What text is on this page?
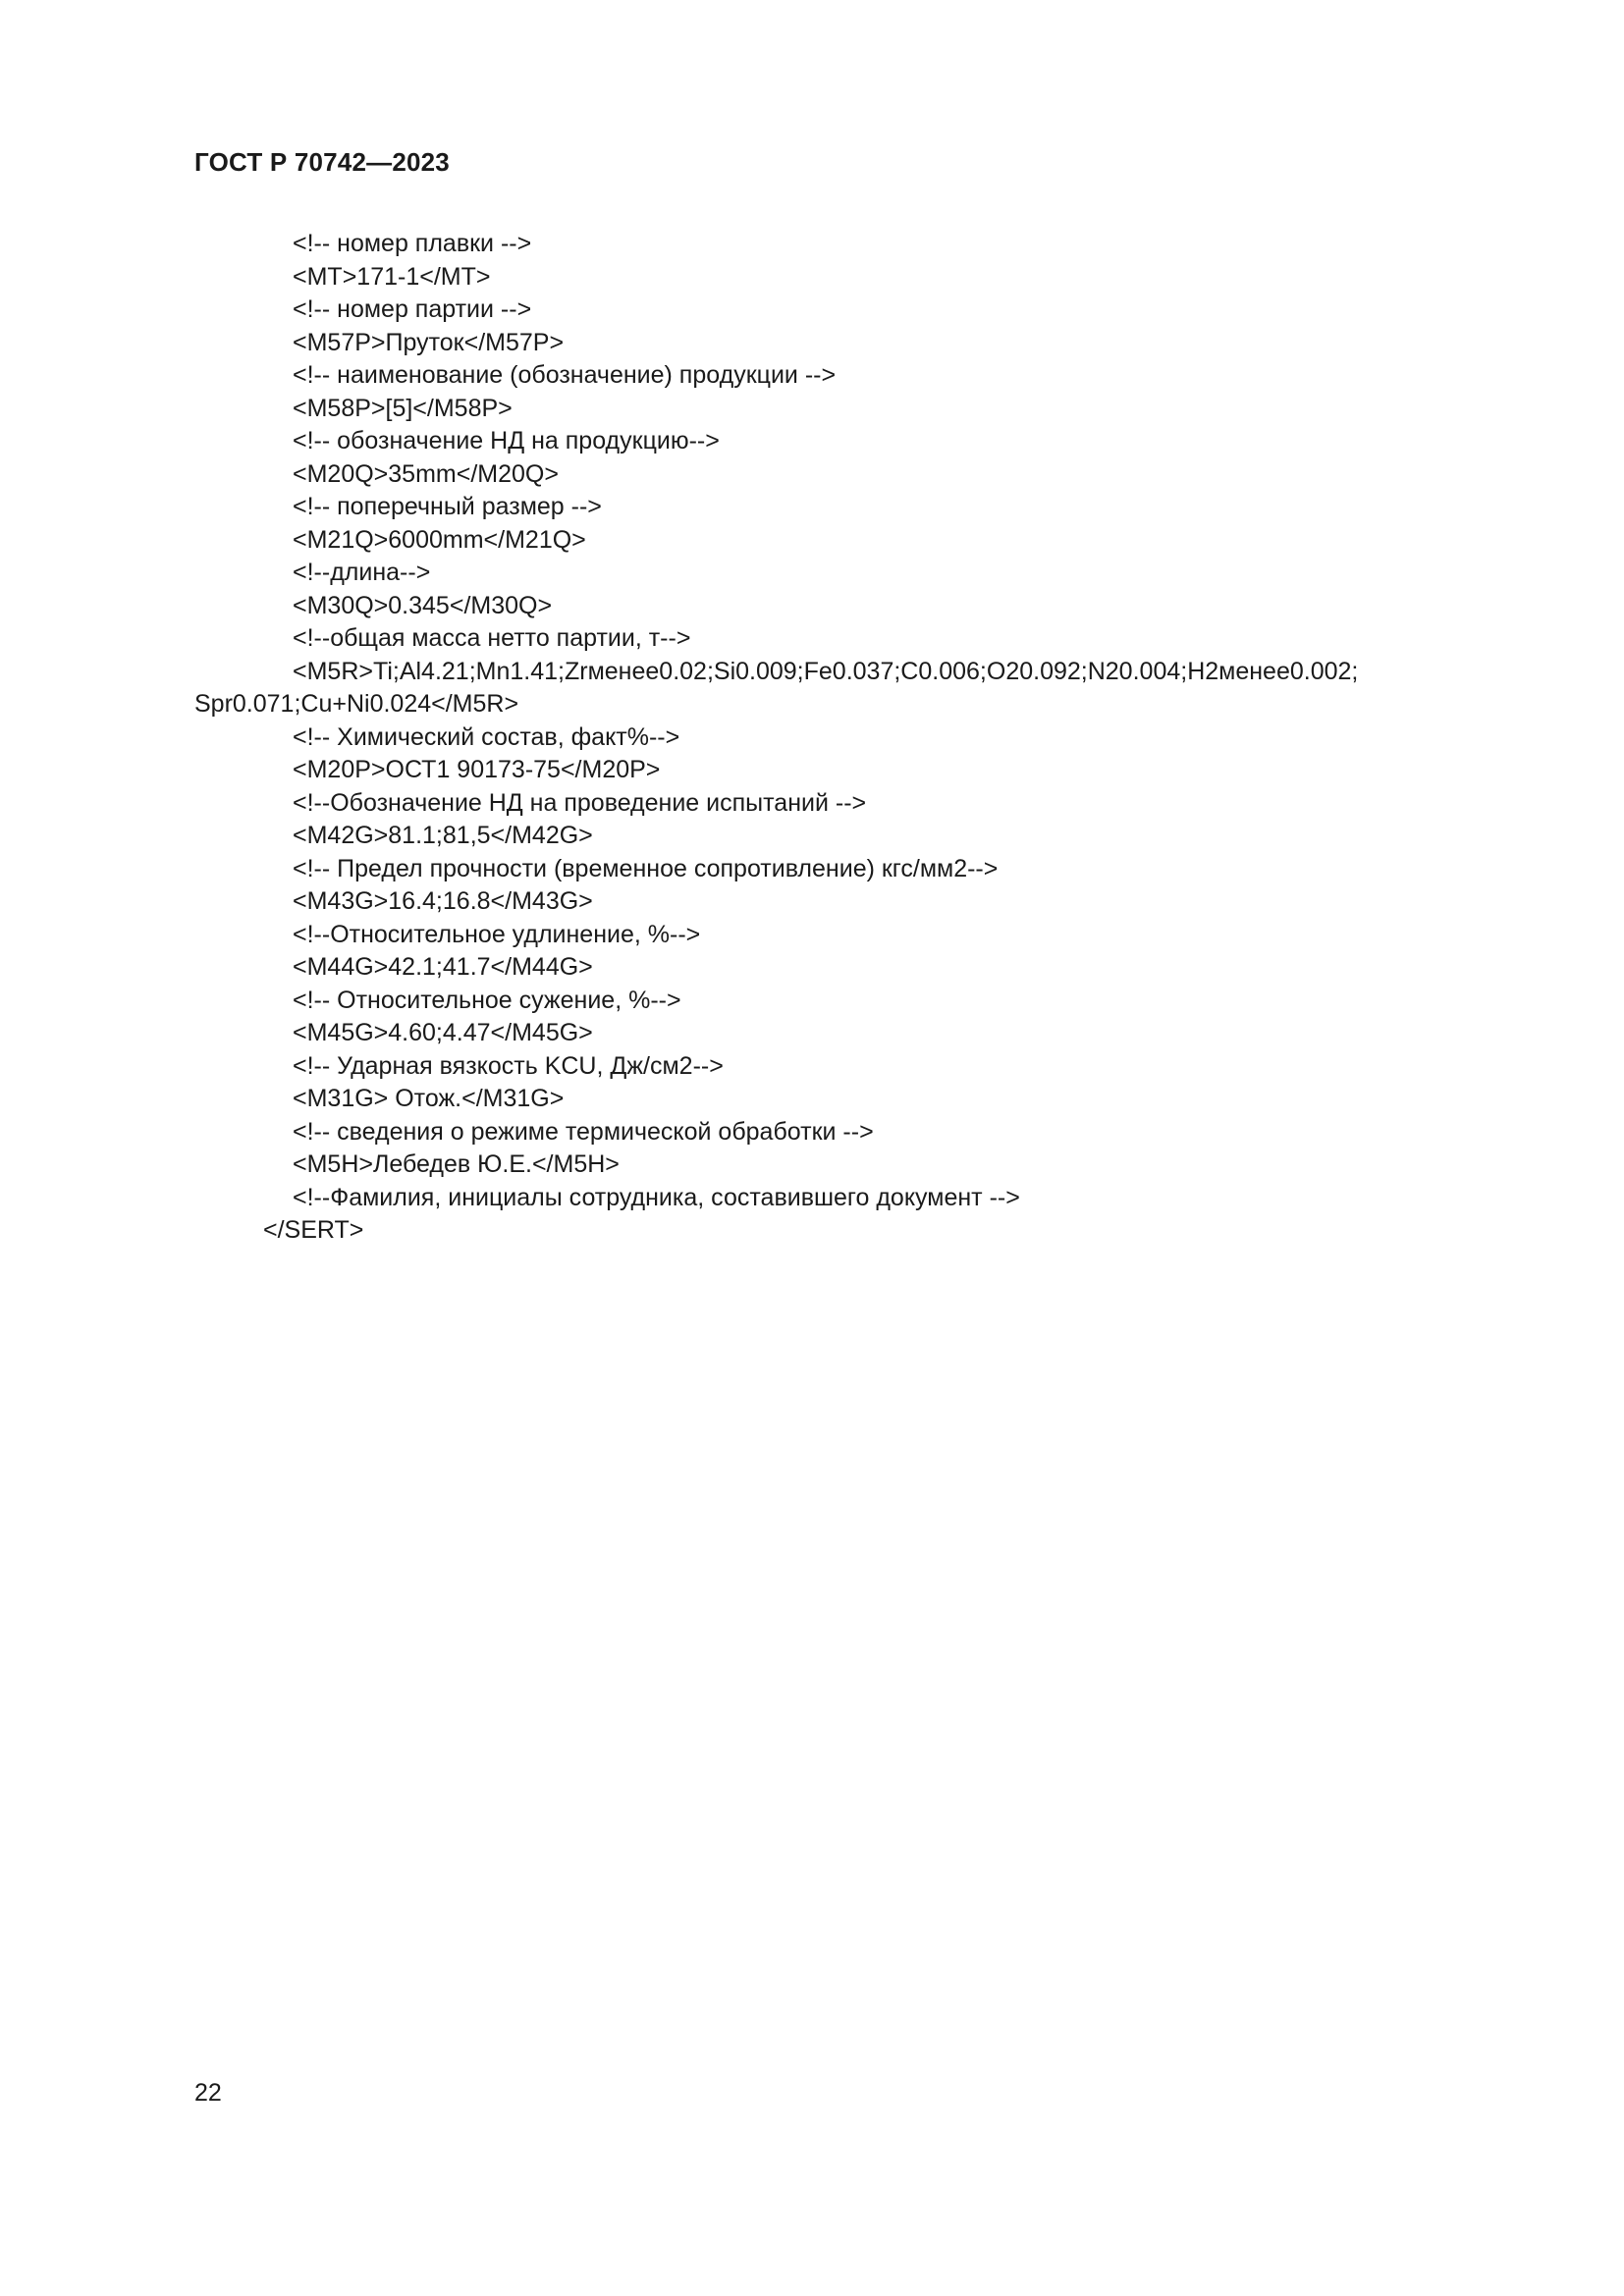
ГОСТ Р 70742—2023
<!-- номер плавки -->
<MT>171-1</MT>
<!-- номер партии -->
<M57P>Пруток</M57P>
<!-- наименование (обозначение) продукции -->
<M58P>[5]</M58P>
<!-- обозначение НД на продукцию-->
<M20Q>35mm</M20Q>
<!-- поперечный размер -->
<M21Q>6000mm</M21Q>
<!--длина-->
<M30Q>0.345</M30Q>
<!--общая масса нетто партии, т-->
<M5R>Ti;Al4.21;Mn1.41;Zrменее0.02;Si0.009;Fe0.037;C0.006;O20.092;N20.004;H2менее0.002; Spr0.071;Cu+Ni0.024</M5R>
<!-- Химический состав, факт%-->
<M20P>ОСТ1 90173-75</M20P>
<!--Обозначение НД на проведение испытаний -->
<M42G>81.1;81,5</M42G>
<!-- Предел прочности (временное сопротивление) кгс/мм2-->
<M43G>16.4;16.8</M43G>
<!--Относительное удлинение, %-->
<M44G>42.1;41.7</M44G>
<!-- Относительное сужение, %-->
<M45G>4.60;4.47</M45G>
<!-- Ударная вязкость KCU, Дж/см2-->
<M31G> Отож.</M31G>
<!-- сведения о режиме термической обработки -->
<M5H>Лебедев Ю.Е.</M5H>
<!--Фамилия, инициалы сотрудника, составившего документ -->
</SERT>
22
